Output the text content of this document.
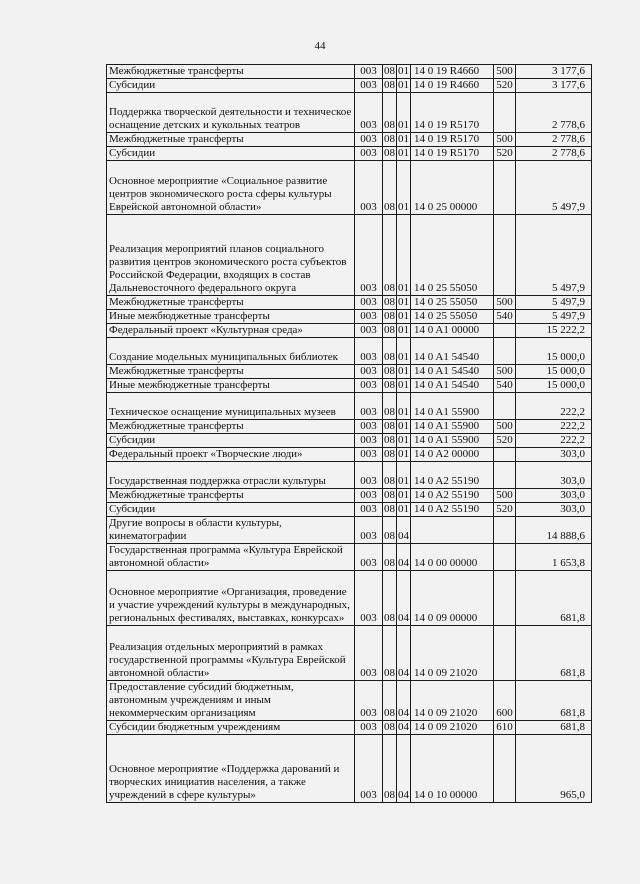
44
Межбюджетные трансферты	003	08	01	14 0 19 R4660	500	3 177,6
Субсидии	003	08	01	14 0 19 R4660	520	3 177,6
Поддержка творческой деятельности и техническое оснащение детских и кукольных театров	003	08	01	14 0 19 R5170		2 778,6
Межбюджетные трансферты	003	08	01	14 0 19 R5170	500	2 778,6
Субсидии	003	08	01	14 0 19 R5170	520	2 778,6
Основное мероприятие «Социальное развитие центров экономического роста сферы культуры Еврейской автономной области»	003	08	01	14 0 25 00000		5 497,9
Реализация мероприятий планов социального развития центров экономического роста субъектов Российской Федерации, входящих в состав Дальневосточного федерального округа	003	08	01	14 0 25 55050		5 497,9
Межбюджетные трансферты	003	08	01	14 0 25 55050	500	5 497,9
Иные межбюджетные трансферты	003	08	01	14 0 25 55050	540	5 497,9
Федеральный проект «Культурная среда»	003	08	01	14 0 A1 00000		15 222,2
Создание модельных муниципальных библиотек	003	08	01	14 0 A1 54540		15 000,0
Межбюджетные трансферты	003	08	01	14 0 A1 54540	500	15 000,0
Иные межбюджетные трансферты	003	08	01	14 0 A1 54540	540	15 000,0
Техническое оснащение муниципальных музеев	003	08	01	14 0 A1 55900		222,2
Межбюджетные трансферты	003	08	01	14 0 A1 55900	500	222,2
Субсидии	003	08	01	14 0 A1 55900	520	222,2
Федеральный проект «Творческие люди»	003	08	01	14 0 A2 00000		303,0
Государственная поддержка отрасли культуры	003	08	01	14 0 A2 55190		303,0
Межбюджетные трансферты	003	08	01	14 0 A2 55190	500	303,0
Субсидии	003	08	01	14 0 A2 55190	520	303,0
Другие вопросы в области культуры, кинематографии	003	08	04			14 888,6
Государственная программа «Культура Еврейской автономной области»	003	08	04	14 0 00 00000		1 653,8
Основное мероприятие «Организация, проведение и участие учреждений культуры в международных, региональных фестивалях, выставках, конкурсах»	003	08	04	14 0 09 00000		681,8
Реализация отдельных мероприятий в рамках государственной программы «Культура Еврейской автономной области»	003	08	04	14 0 09 21020		681,8
Предоставление субсидий бюджетным, автономным учреждениям и иным некоммерческим организациям	003	08	04	14 0 09 21020	600	681,8
Субсидии бюджетным учреждениям	003	08	04	14 0 09 21020	610	681,8
Основное мероприятие «Поддержка дарований и творческих инициатив населения, а также учреждений в сфере культуры»	003	08	04	14 0 10 00000		965,0
